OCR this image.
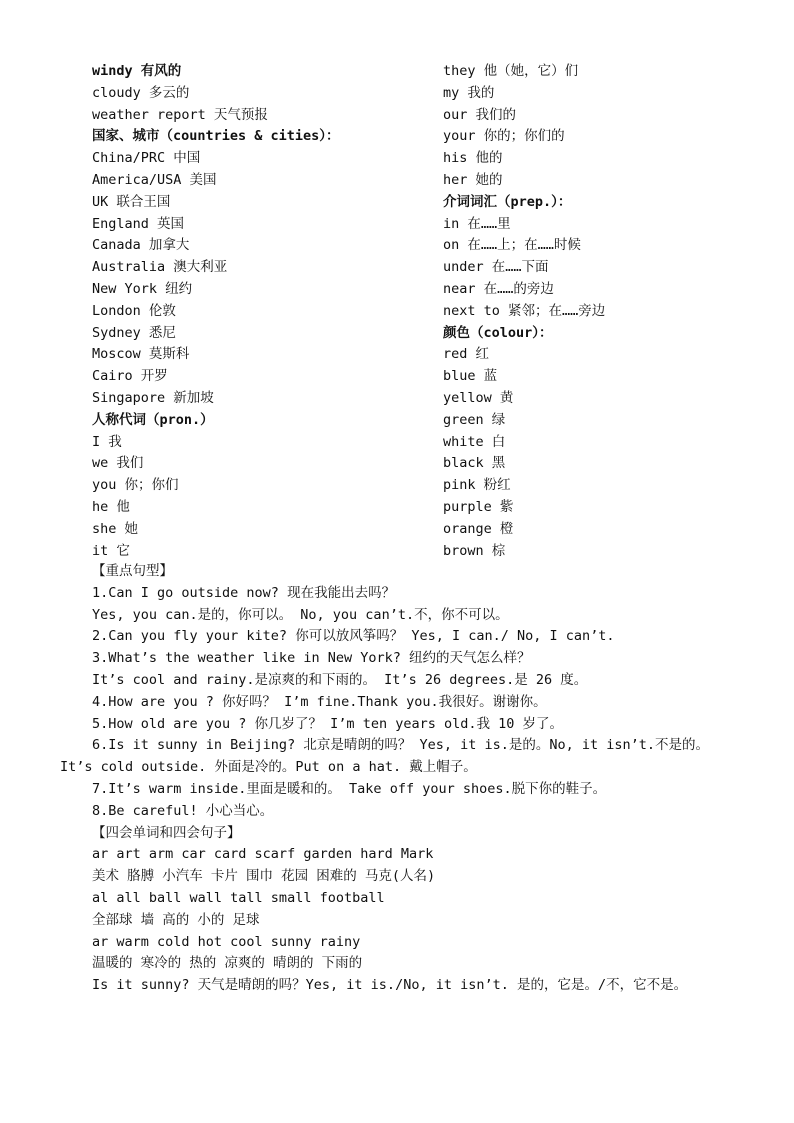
windy 有风的
cloudy 多云的
weather report 天气预报
国家、城市（countries & cities）：
China/PRC 中国
America/USA 美国
UK 联合王国
England 英国
Canada 加拿大
Australia 澳大利亚
New York 纽约
London 伦敦
Sydney 悉尼
Moscow 莫斯科
Cairo 开罗
Singapore 新加坡
人称代词（pron.）
I 我
we 我们
you 你；你们
he 他
she 她
it 它
they 他（她，它）们
my 我的
our 我们的
your 你的；你们的
his 他的
her 她的
介词词汇（prep.）：
in 在……里
on 在……上；在……时候
under 在……下面
near 在……的旁边
next to 紧邻；在……旁边
颜色（colour）：
red 红
blue 蓝
yellow 黄
green 绿
white 白
black 黑
pink 粉红
purple 紫
orange 橙
brown 棕
【重点句型】
1.Can I go outside now? 现在我能出去吗？
Yes, you can.是的，你可以。 No, you can’t.不，你不可以。
2.Can you fly your kite? 你可以放风筝吗？ Yes, I can./ No, I can’t.
3.What’s the weather like in New York? 纽约的天气怎么样？
It’s cool and rainy.是凉爽的和下雨的。 It’s 26 degrees.是 26 度。
4.How are you ? 你好吗？ I’m fine.Thank you.我很好。谢谢你。
5.How old are you ? 你几岁了？ I’m ten years old.我 10 岁了。
6.Is it sunny in Beijing? 北京是晴朗的吗？ Yes, it is.是的。No, it isn’t.不是的。
It’s cold outside. 外面是冷的。Put on a hat. 戴上帽子。
7.It’s warm inside.里面是暖和的。 Take off your shoes.脱下你的鞋子。
8.Be careful! 小心当心。
【四会单词和四会句子】
ar art arm car card scarf garden hard Mark
美术 胳膊 小汽车 卡片 围巾 花园 困难的 马克(人名)
al all ball wall tall small football
全部球 墙 高的 小的 足球
ar warm cold hot cool sunny rainy
温暖的 寒冷的 热的 凉爽的 晴朗的 下雨的
Is it sunny? 天气是晴朗的吗？Yes, it is./No, it isn’t. 是的，它是。/不，它不是。
